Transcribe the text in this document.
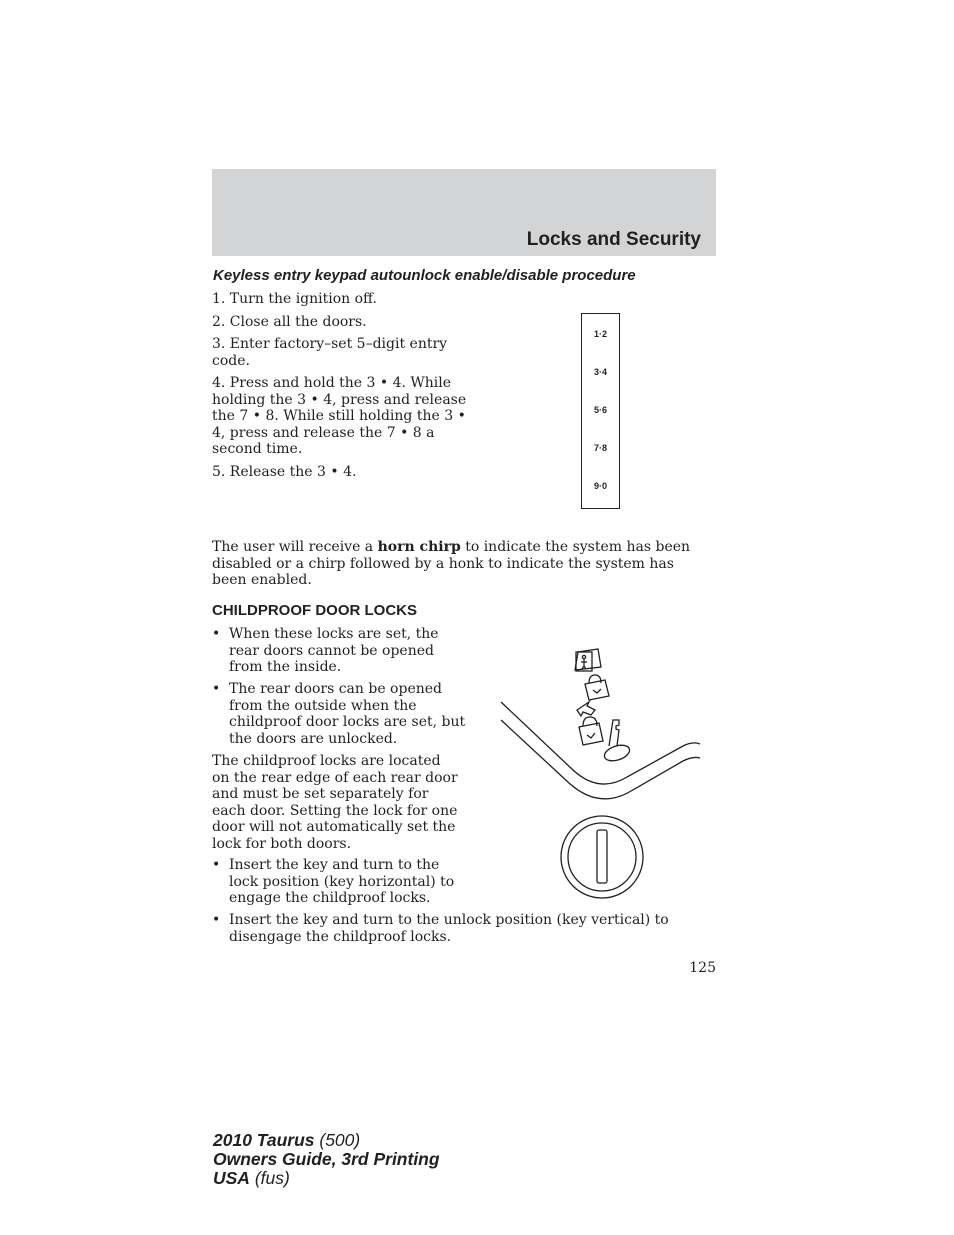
Locks and Security
Keyless entry keypad autounlock enable/disable procedure
1. Turn the ignition off.
2. Close all the doors.
3. Enter factory–set 5–digit entry code.
4. Press and hold the 3 • 4. While holding the 3 • 4, press and release the 7 • 8. While still holding the 3 • 4, press and release the 7 • 8 a second time.
5. Release the 3 • 4.
1·2
3·4
5·6
7·8
9·0

The user will receive a horn chirp to indicate the system has been disabled or a chirp followed by a honk to indicate the system has been enabled.

CHILDPROOF DOOR LOCKS
• When these locks are set, the rear doors cannot be opened from the inside.
• The rear doors can be opened from the outside when the childproof door locks are set, but the doors are unlocked.

The childproof locks are located on the rear edge of each rear door and must be set separately for each door. Setting the lock for one door will not automatically set the lock for both doors.

• Insert the key and turn to the lock position (key horizontal) to engage the childproof locks.
• Insert the key and turn to the unlock position (key vertical) to disengage the childproof locks.

125

2010 Taurus (500)
Owners Guide, 3rd Printing
USA (fus)
